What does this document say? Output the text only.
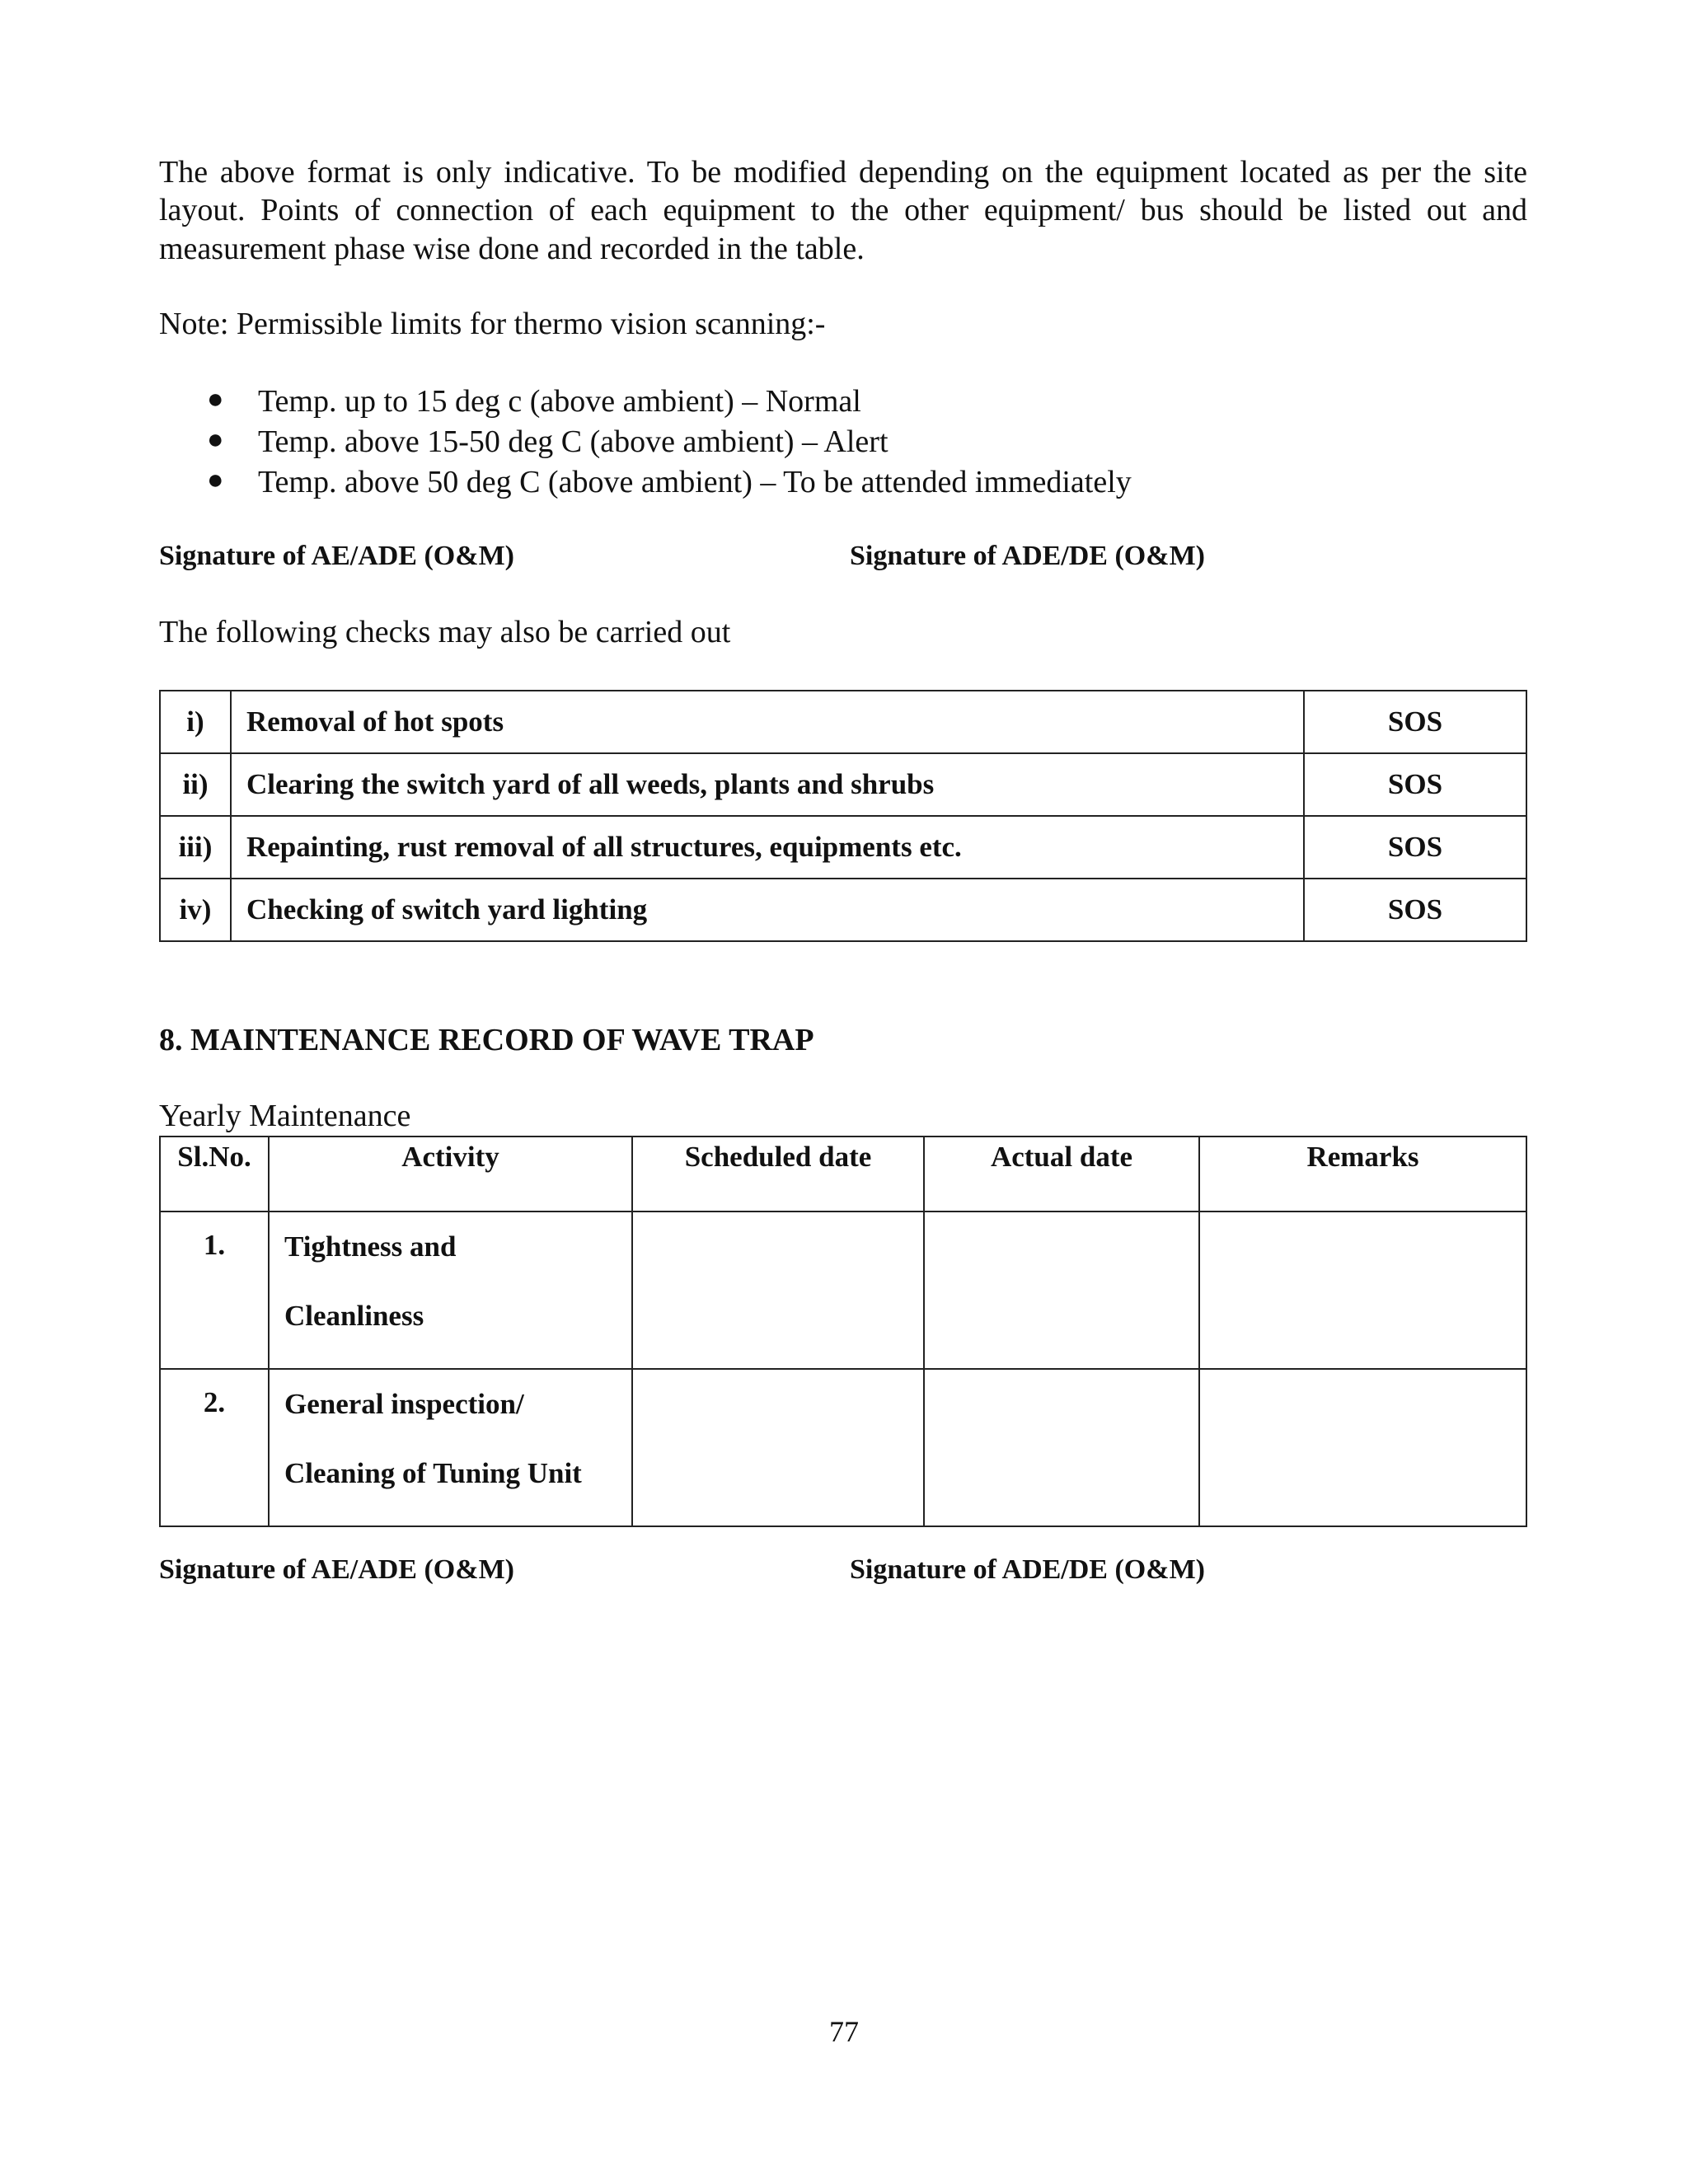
The above format is only indicative. To be modified depending on the equipment located as per the site
layout. Points of connection of each equipment to the other equipment/ bus should be listed out and
measurement phase wise done and recorded in the table.
Note: Permissible limits for thermo vision scanning:-
● Temp. up to 15 deg c (above ambient) – Normal
● Temp. above 15-50 deg C (above ambient) – Alert
● Temp. above 50 deg C (above ambient) – To be attended immediately
Signature of AE/ADE (O&M)	Signature of ADE/DE (O&M)
The following checks may also be carried out
i)	Removal of hot spots	SOS
ii)	Clearing the switch yard of all weeds, plants and shrubs	SOS
iii)	Repainting, rust removal of all structures, equipments etc.	SOS
iv)	Checking of switch yard lighting	SOS
8. MAINTENANCE RECORD OF WAVE TRAP
Yearly Maintenance
Sl.No.	Activity	Scheduled date	Actual date	Remarks
1.	Tightness and
Cleanliness			

2.	General inspection/
Cleaning of Tuning Unit			

Signature of AE/ADE (O&M)	Signature of ADE/DE (O&M)
77
